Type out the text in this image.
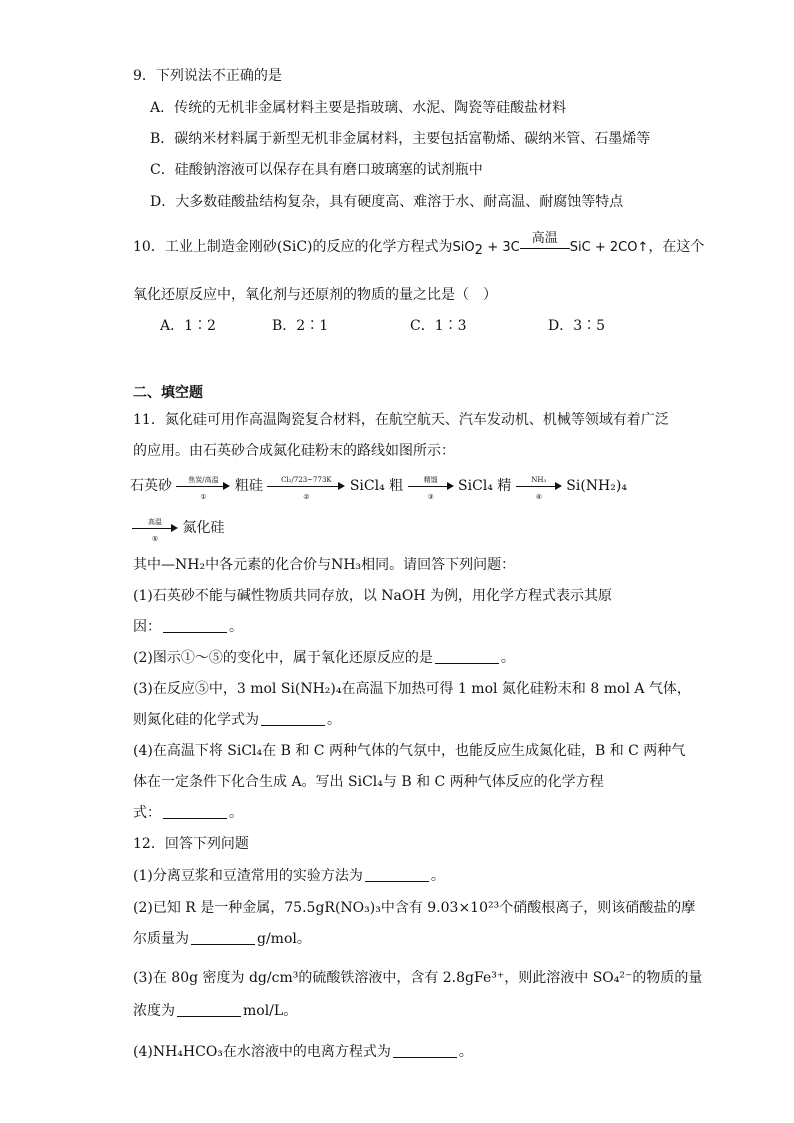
9．下列说法不正确的是
A．传统的无机非金属材料主要是指玻璃、水泥、陶瓷等硅酸盐材料
B．碳纳米材料属于新型无机非金属材料，主要包括富勒烯、碳纳米管、石墨烯等
C．硅酸钠溶液可以保存在具有磨口玻璃塞的试剂瓶中
D．大多数硅酸盐结构复杂，具有硬度高、难溶于水、耐高温、耐腐蚀等特点
10．工业上制造金刚砂(SiC)的反应的化学方程式为SiO2 + 3C
高温
SiC + 2CO↑，在这个
氧化还原反应中，氧化剂与还原剂的物质的量之比是（　）
A．1∶2	B．2∶1	C．1∶3	D．3∶5
二、填空题
11．氮化硅可用作高温陶瓷复合材料，在航空航天、汽车发动机、机械等领域有着广泛
的应用。由石英砂合成氮化硅粉末的路线如图所示：
石英砂	焦炭/高温
①
粗硅	Cl₂/723~773K
②
SiCl₄ 粗	精馏
③
SiCl₄ 精	NH₃
④
Si(NH₂)₄
高温
⑤
氮化硅
其中—NH₂中各元素的化合价与NH₃相同。请回答下列问题：
(1)石英砂不能与碱性物质共同存放，以 NaOH 为例，用化学方程式表示其原
因：	。
(2)图示①～⑤的变化中，属于氧化还原反应的是	。
(3)在反应⑤中，3 mol Si(NH₂)₄在高温下加热可得 1 mol 氮化硅粉末和 8 mol A 气体，
则氮化硅的化学式为	。
(4)在高温下将 SiCl₄在 B 和 C 两种气体的气氛中，也能反应生成氮化硅，B 和 C 两种气
体在一定条件下化合生成 A。写出 SiCl₄与 B 和 C 两种气体反应的化学方程
式：	。
12．回答下列问题
(1)分离豆浆和豆渣常用的实验方法为	。
(2)已知 R 是一种金属，75.5gR(NO₃)₃中含有 9.03×10²³个硝酸根离子，则该硝酸盐的摩
尔质量为	g/mol。
(3)在 80g 密度为 dg/cm³的硫酸铁溶液中，含有 2.8gFe³⁺，则此溶液中 SO₄²⁻的物质的量
浓度为	mol/L。
(4)NH₄HCO₃在水溶液中的电离方程式为	。
